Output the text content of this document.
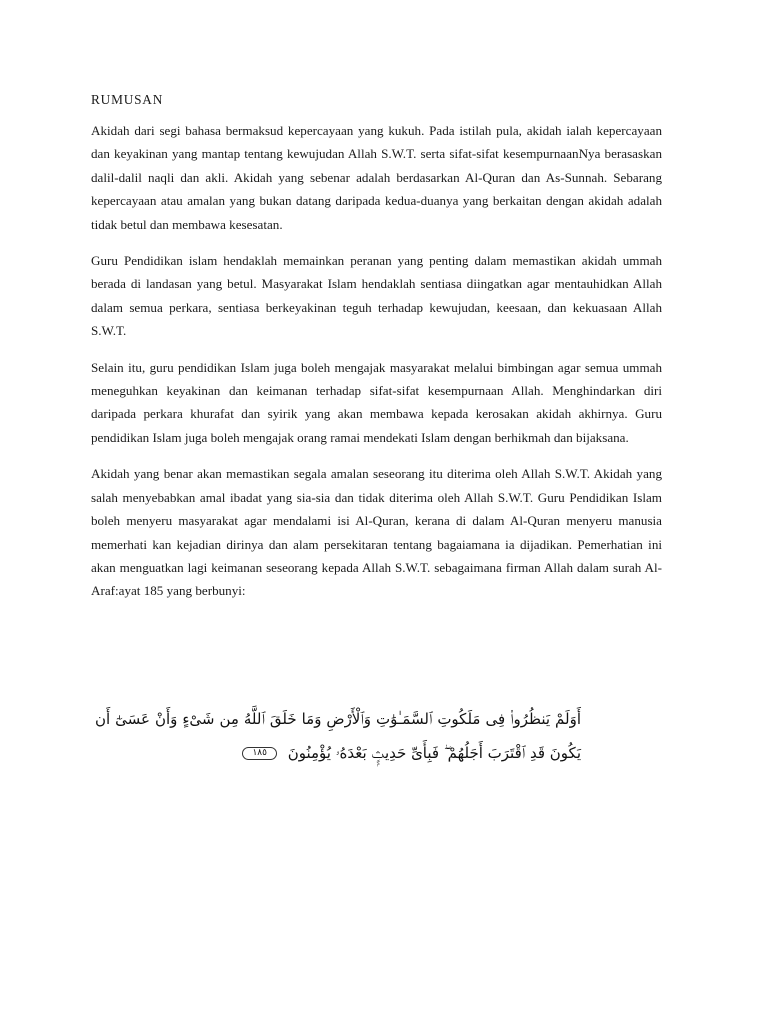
RUMUSAN

Akidah dari segi bahasa bermaksud kepercayaan yang kukuh. Pada istilah pula, akidah ialah kepercayaan dan keyakinan yang mantap tentang kewujudan Allah S.W.T. serta sifat-sifat kesempurnaanNya berasaskan dalil-dalil naqli dan akli. Akidah yang sebenar adalah berdasarkan Al-Quran dan As-Sunnah. Sebarang kepercayaan atau amalan yang bukan datang daripada kedua-duanya yang berkaitan dengan akidah adalah tidak betul dan membawa kesesatan.

Guru Pendidikan islam hendaklah memainkan peranan yang penting dalam memastikan akidah ummah berada di landasan yang betul. Masyarakat Islam hendaklah sentiasa diingatkan agar mentauhidkan Allah dalam semua perkara, sentiasa berkeyakinan teguh terhadap kewujudan, keesaan, dan kekuasaan Allah S.W.T.

Selain itu, guru pendidikan Islam juga boleh mengajak masyarakat melalui bimbingan agar semua ummah meneguhkan keyakinan dan keimanan terhadap sifat-sifat kesempurnaan Allah. Menghindarkan diri daripada perkara khurafat dan syirik yang akan membawa kepada kerosakan akidah akhirnya. Guru pendidikan Islam juga boleh mengajak orang ramai mendekati Islam dengan berhikmah dan bijaksana.

Akidah yang benar akan memastikan segala amalan seseorang itu diterima oleh Allah S.W.T. Akidah yang salah menyebabkan amal ibadat yang sia-sia dan tidak diterima oleh Allah S.W.T. Guru Pendidikan Islam boleh menyeru masyarakat agar mendalami isi Al-Quran, kerana di dalam Al-Quran menyeru manusia memerhati kan kejadian dirinya dan alam persekitaran tentang bagaiamana ia dijadikan. Pemerhatian ini akan menguatkan lagi keimanan seseorang kepada Allah S.W.T. sebagaimana firman Allah dalam surah Al-Araf:ayat 185 yang berbunyi:

أَوَلَمْ يَنظُرُوا۟ فِى مَلَكُوتِ ٱلسَّمَـٰوَٰتِ وَٱلْأَرْضِ وَمَا خَلَقَ ٱللَّهُ مِن شَىْءٍ وَأَنْ عَسَىٰٓ أَن يَكُونَ قَدِ ٱقْتَرَبَ أَجَلُهُمْ ۖ فَبِأَىِّ حَدِيثٍۭ بَعْدَهُۥ يُؤْمِنُونَ ١٨٥
